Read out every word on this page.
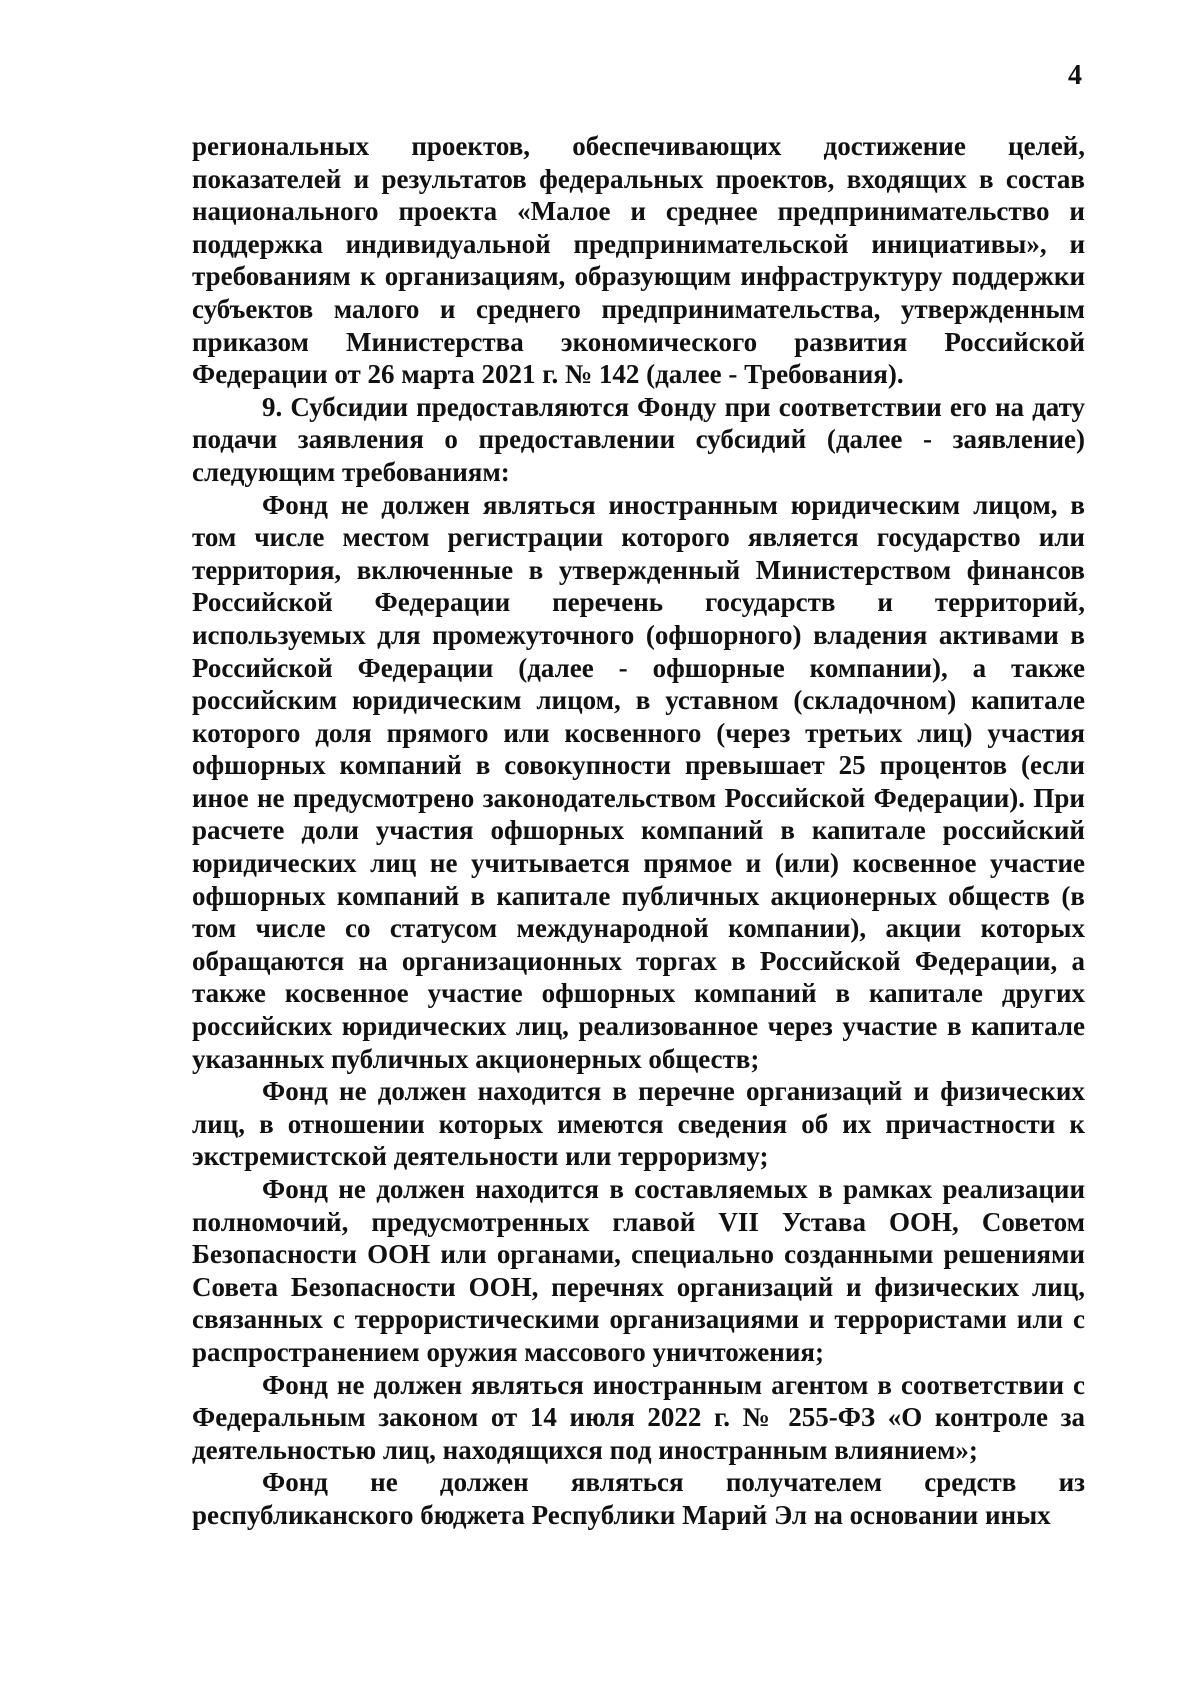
4

региональных проектов, обеспечивающих достижение целей, показателей и результатов федеральных проектов, входящих в состав национального проекта «Малое и среднее предпринимательство и поддержка индивидуальной предпринимательской инициативы», и требованиям к организациям, образующим инфраструктуру поддержки субъектов малого и среднего предпринимательства, утвержденным приказом Министерства экономического развития Российской Федерации от 26 марта 2021 г. № 142 (далее - Требования).

9. Субсидии предоставляются Фонду при соответствии его на дату подачи заявления о предоставлении субсидий (далее - заявление) следующим требованиям:

Фонд не должен являться иностранным юридическим лицом, в том числе местом регистрации которого является государство или территория, включенные в утвержденный Министерством финансов Российской Федерации перечень государств и территорий, используемых для промежуточного (офшорного) владения активами в Российской Федерации (далее - офшорные компании), а также российским юридическим лицом, в уставном (складочном) капитале которого доля прямого или косвенного (через третьих лиц) участия офшорных компаний в совокупности превышает 25 процентов (если иное не предусмотрено законодательством Российской Федерации). При расчете доли участия офшорных компаний в капитале российский юридических лиц не учитывается прямое и (или) косвенное участие офшорных компаний в капитале публичных акционерных обществ (в том числе со статусом международной компании), акции которых обращаются на организационных торгах в Российской Федерации, а также косвенное участие офшорных компаний в капитале других российских юридических лиц, реализованное через участие в капитале указанных публичных акционерных обществ;

Фонд не должен находится в перечне организаций и физических лиц, в отношении которых имеются сведения об их причастности к экстремистской деятельности или терроризму;

Фонд не должен находится в составляемых в рамках реализации полномочий, предусмотренных главой VII Устава ООН, Советом Безопасности ООН или органами, специально созданными решениями Совета Безопасности ООН, перечнях организаций и физических лиц, связанных с террористическими организациями и террористами или с распространением оружия массового уничтожения;

Фонд не должен являться иностранным агентом в соответствии с Федеральным законом от 14 июля 2022 г. № 255-ФЗ «О контроле за деятельностью лиц, находящихся под иностранным влиянием»;

Фонд не должен являться получателем средств из республиканского бюджета Республики Марий Эл на основании иных
